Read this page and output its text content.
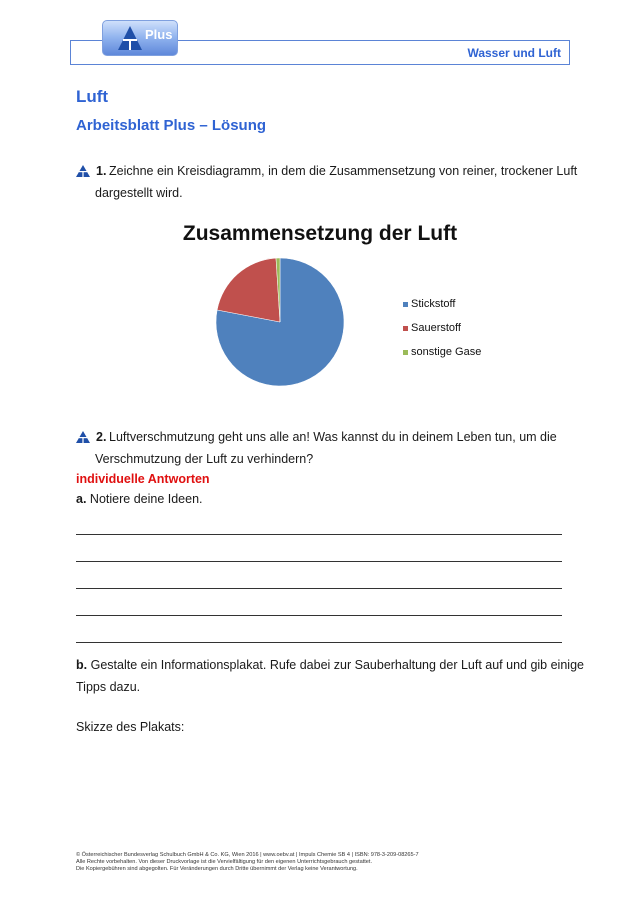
Wasser und Luft
Plus
Luft
Arbeitsblatt Plus – Lösung
1. Zeichne ein Kreisdiagramm, in dem die Zusammensetzung von reiner, trockener Luft
dargestellt wird.
Zusammensetzung der Luft
Stickstoff
Sauerstoff
sonstige Gase
2. Luftverschmutzung geht uns alle an! Was kannst du in deinem Leben tun, um die
Verschmutzung der Luft zu verhindern?
individuelle Antworten
a. Notiere deine Ideen.
b. Gestalte ein Informationsplakat. Rufe dabei zur Sauberhaltung der Luft auf und gib einige
Tipps dazu.
Skizze des Plakats:
© Österreichischer Bundesverlag Schulbuch GmbH & Co. KG, Wien 2016 | www.oebv.at | Impuls Chemie SB 4 | ISBN: 978-3-209-08265-7
Alle Rechte vorbehalten. Von dieser Druckvorlage ist die Vervielfältigung für den eigenen Unterrichtsgebrauch gestattet.
Die Kopiergebühren sind abgegolten. Für Veränderungen durch Dritte übernimmt der Verlag keine Verantwortung.
